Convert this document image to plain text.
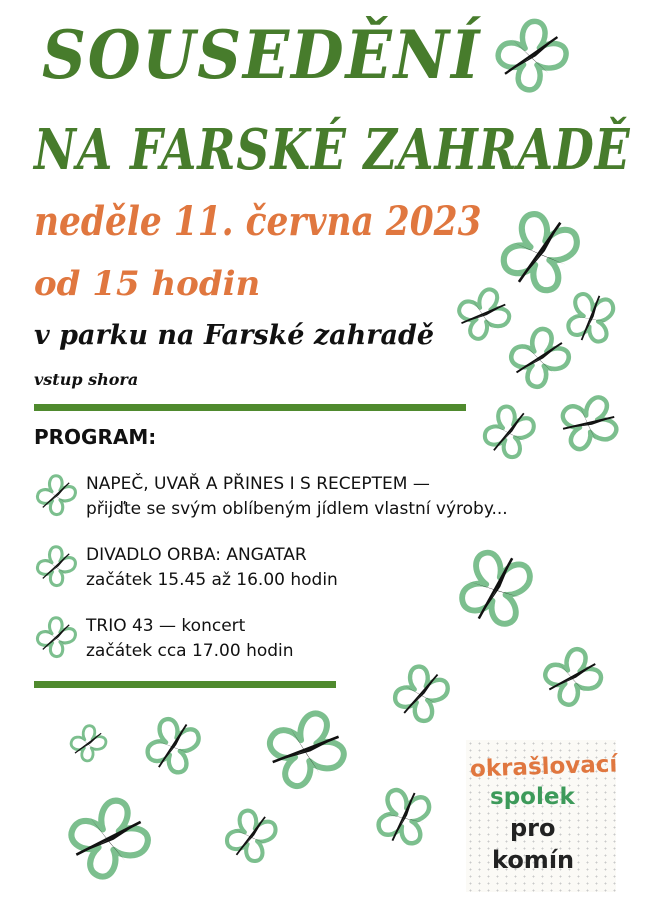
SOUSEDĚNÍ
NA FARSKÉ ZAHRADĚ
neděle 11. června 2023
od 15 hodin
v parku na Farské zahradě
vstup shora
PROGRAM:
NAPEČ, UVAŘ A PŘINES I S RECEPTEM —
přijďte se svým oblíbeným jídlem vlastní výroby...
DIVADLO ORBA: ANGATAR
začátek 15.45 až 16.00 hodin
TRIO 43 — koncert
začátek cca 17.00 hodin
okrašlovací
spolek
pro
komín
